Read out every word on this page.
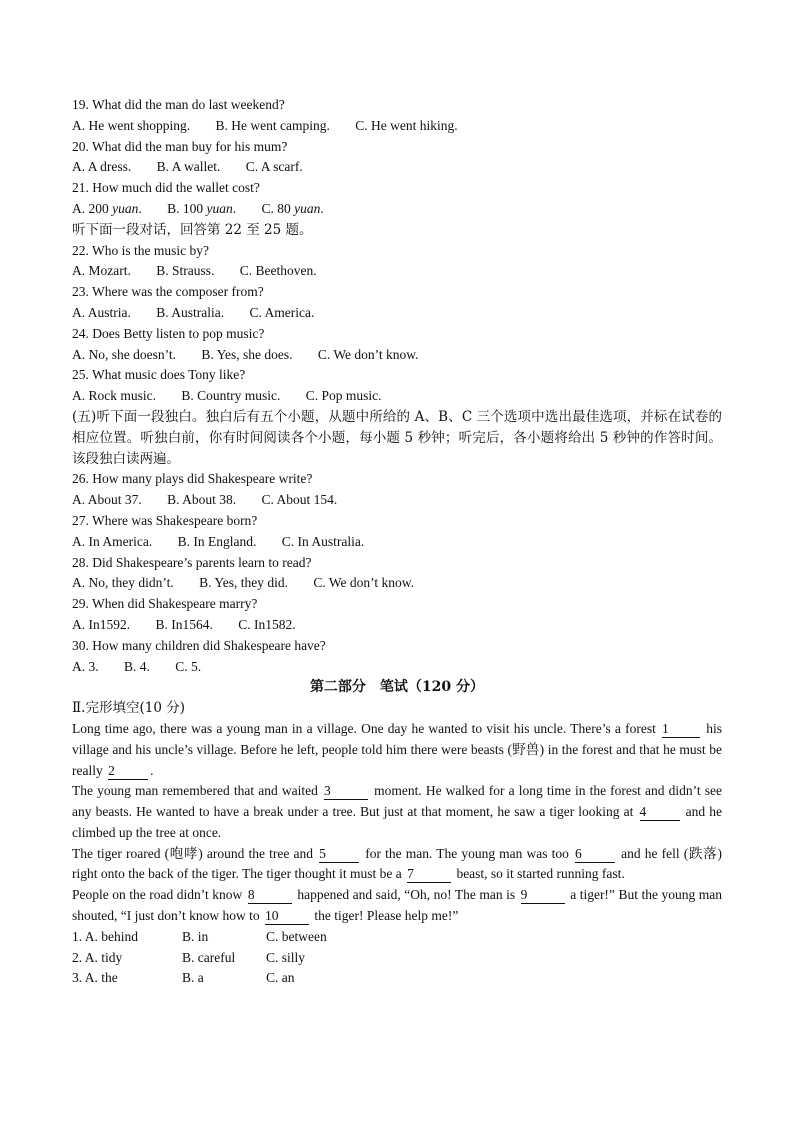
19. What did the man do last weekend?
A. He went shopping. B. He went camping. C. He went hiking.
20. What did the man buy for his mum?
A. A dress. B. A wallet. C. A scarf.
21. How much did the wallet cost?
A. 200 yuan. B. 100 yuan. C. 80 yuan.
听下面一段对话，回答第 22 至 25 题。
22. Who is the music by?
A. Mozart. B. Strauss. C. Beethoven.
23. Where was the composer from?
A. Austria. B. Australia. C. America.
24. Does Betty listen to pop music?
A. No, she doesn’t. B. Yes, she does. C. We don’t know.
25. What music does Tony like?
A. Rock music. B. Country music. C. Pop music.
(五)听下面一段独白。独白后有五个小题，从题中所给的 A、B、C 三个选项中选出最佳选项，并标在试卷的相应位置。听独白前，你有时间阅读各个小题，每小题 5 秒钟；听完后，各小题将给出 5 秒钟的作答时间。该段独白读两遍。
26. How many plays did Shakespeare write?
A. About 37. B. About 38. C. About 154.
27. Where was Shakespeare born?
A. In America. B. In England. C. In Australia.
28. Did Shakespeare’s parents learn to read?
A. No, they didn’t. B. Yes, they did. C. We don’t know.
29. When did Shakespeare marry?
A. In1592. B. In1564. C. In1582.
30. How many children did Shakespeare have?
A. 3. B. 4. C. 5.
第二部分　笔试（120 分）
Ⅱ.完形填空(10 分)
Long time ago, there was a young man in a village. One day he wanted to visit his uncle. There’s a forest 1 his village and his uncle’s village. Before he left, people told him there were beasts (野兽) in the forest and that he must be really 2	.
The young man remembered that and waited 3	moment. He walked for a long time in the forest and didn’t see any beasts. He wanted to have a break under a tree. But just at that moment, he saw a tiger looking at 4	and he climbed up the tree at once.
The tiger roared (咆哮) around the tree and 5	for the man. The young man was too 6	and he fell (跌落) right onto the back of the tiger. The tiger thought it must be a 7	beast, so it started running fast.
People on the road didn’t know 8	happened and said, “Oh, no! The man is 9	a tiger!” But the young man shouted, “I just don’t know how to 10 the tiger! Please help me!”
1. A. behind	B. in	C. between
2. A. tidy	B. careful C. silly
3. A. the	B. a	C. an
